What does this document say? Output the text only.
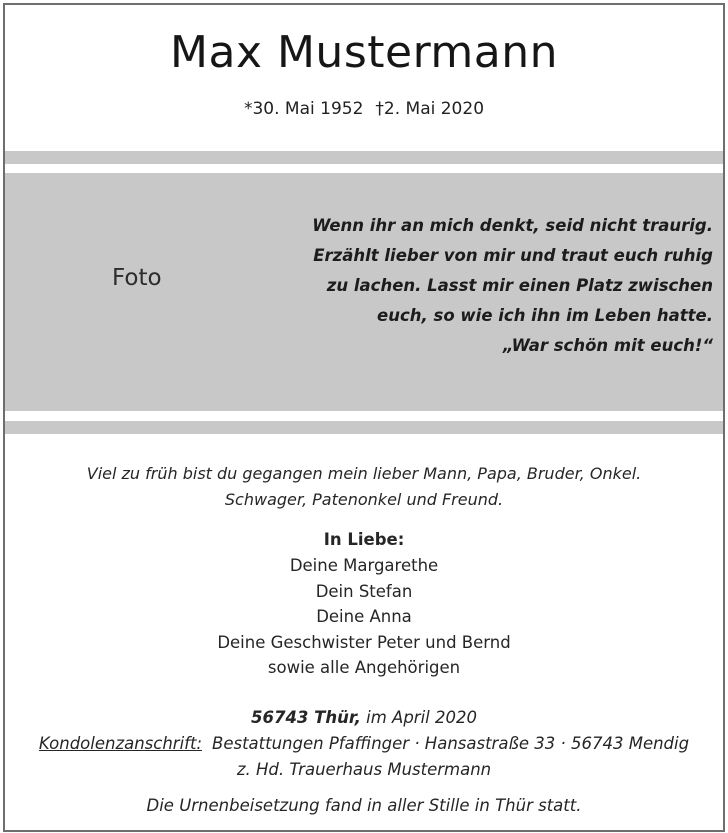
Max Mustermann
*30. Mai 1952 †2. Mai 2020
Foto
Wenn ihr an mich denkt, seid nicht traurig.
Erzählt lieber von mir und traut euch ruhig
zu lachen. Lasst mir einen Platz zwischen
euch, so wie ich ihn im Leben hatte.
„War schön mit euch!“
Viel zu früh bist du gegangen mein lieber Mann, Papa, Bruder, Onkel.
Schwager, Patenonkel und Freund.
In Liebe:
Deine Margarethe
Dein Stefan
Deine Anna
Deine Geschwister Peter und Bernd
sowie alle Angehörigen
56743 Thür, im April 2020
Kondolenzanschrift: Bestattungen Pfaffinger · Hansastraße 33 · 56743 Mendig
z. Hd. Trauerhaus Mustermann
Die Urnenbeisetzung fand in aller Stille in Thür statt.
